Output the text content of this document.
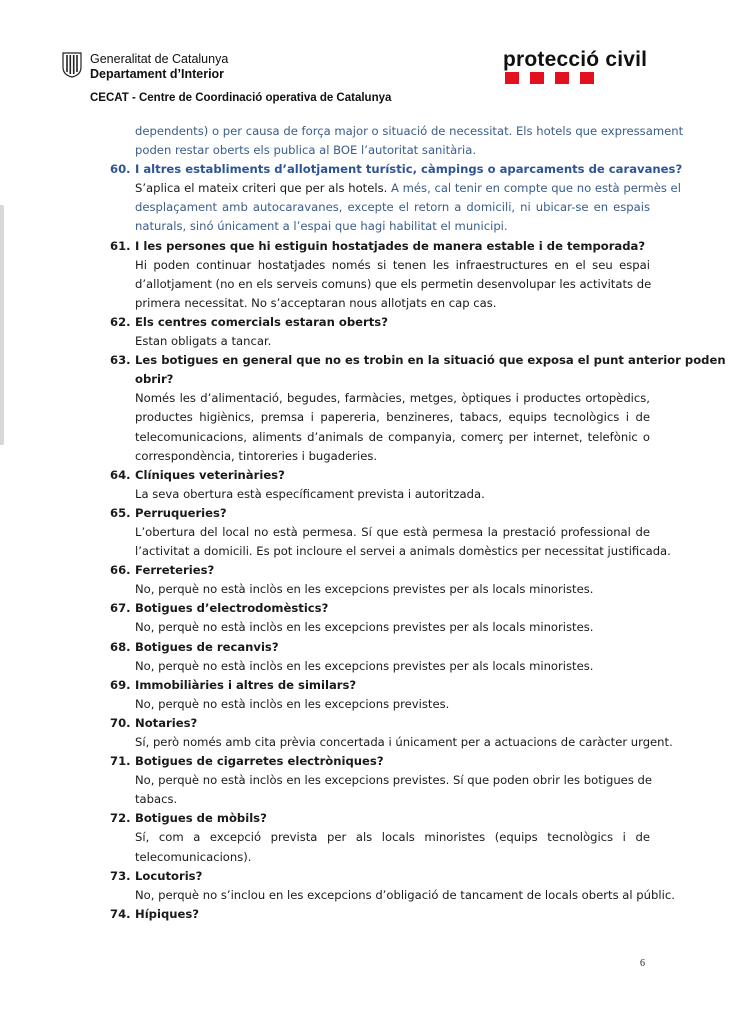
Generalitat de Catalunya
Departament d’Interior
protecció civil
CECAT - Centre de Coordinació operativa de Catalunya
dependents) o per causa de força major o situació de necessitat. Els hotels que expressament
poden restar oberts els publica al BOE l’autoritat sanitària.
60. I altres establiments d’allotjament turístic, càmpings o aparcaments de caravanes?
S’aplica el mateix criteri que per als hotels. A més, cal tenir en compte que no està permès el
desplaçament amb autocaravanes, excepte el retorn a domicili, ni ubicar-se en espais
naturals, sinó únicament a l’espai que hagi habilitat el municipi.
61. I les persones que hi estiguin hostatjades de manera estable i de temporada?
Hi poden continuar hostatjades només si tenen les infraestructures en el seu espai
d’allotjament (no en els serveis comuns) que els permetin desenvolupar les activitats de
primera necessitat. No s’acceptaran nous allotjats en cap cas.
62. Els centres comercials estaran oberts?
Estan obligats a tancar.
63. Les botigues en general que no es trobin en la situació que exposa el punt anterior poden
obrir?
Només les d’alimentació, begudes, farmàcies, metges, òptiques i productes ortopèdics,
productes higiènics, premsa i papereria, benzineres, tabacs, equips tecnològics i de
telecomunicacions, aliments d’animals de companyia, comerç per internet, telefònic o
correspondència, tintoreries i bugaderies.
64. Clíniques veterinàries?
La seva obertura està específicament prevista i autoritzada.
65. Perruqueries?
L’obertura del local no està permesa. Sí que està permesa la prestació professional de
l’activitat a domicili. Es pot incloure el servei a animals domèstics per necessitat justificada.
66. Ferreteries?
No, perquè no està inclòs en les excepcions previstes per als locals minoristes.
67. Botigues d’electrodomèstics?
No, perquè no està inclòs en les excepcions previstes per als locals minoristes.
68. Botigues de recanvis?
No, perquè no està inclòs en les excepcions previstes per als locals minoristes.
69. Immobiliàries i altres de similars?
No, perquè no està inclòs en les excepcions previstes.
70. Notaries?
Sí, però només amb cita prèvia concertada i únicament per a actuacions de caràcter urgent.
71. Botigues de cigarretes electròniques?
No, perquè no està inclòs en les excepcions previstes. Sí que poden obrir les botigues de
tabacs.
72. Botigues de mòbils?
Sí, com a excepció prevista per als locals minoristes (equips tecnològics i de
telecomunicacions).
73. Locutoris?
No, perquè no s’inclou en les excepcions d’obligació de tancament de locals oberts al públic.
74. Hípiques?
6
